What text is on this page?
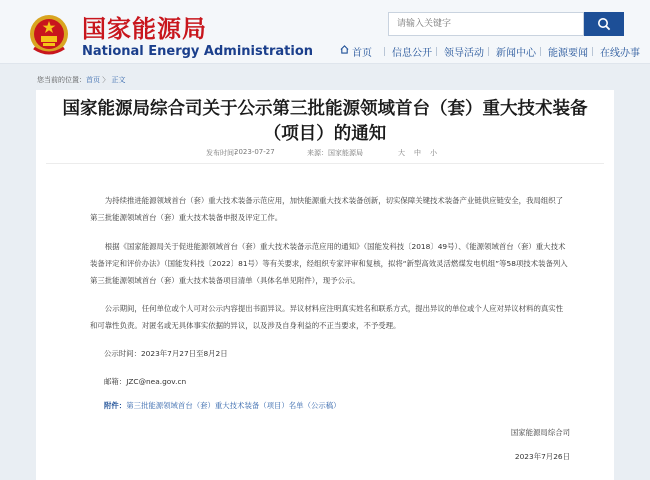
国家能源局
National Energy Administration
请输入关键字	首页 信息公开 领导活动 新闻中心 能源要闻 在线办事
您当前的位置：首页 〉 正文
国家能源局综合司关于公示第三批能源领域首台（套）重大技术装备（项目）的通知
发布时间：
2023-07-27	来源： 国家能源局	大 中 小

为持续推进能源领域首台（套）重大技术装备示范应用，加快能源重大技术装备创新，切实保障关键技术装备产业链供应链安全，我局组织了第三批能源领域首台（套）重大技术装备申报及评定工作。

根据《国家能源局关于促进能源领域首台（套）重大技术装备示范应用的通知》（国能发科技〔2018〕49号）、《能源领域首台（套）重大技术装备评定和评价办法》（国能发科技〔2022〕81号）等有关要求，经组织专家评审和复核，拟将“新型高效灵活燃煤发电机组”等58项技术装备列入第三批能源领域首台（套）重大技术装备项目清单（具体名单见附件），现予公示。

公示期间，任何单位或个人可对公示内容提出书面异议。异议材料应注明真实姓名和联系方式，提出异议的单位或个人应对异议材料的真实性和可靠性负责。对匿名或无具体事实依据的异议，以及涉及自身利益的不正当要求，不予受理。

公示时间：2023年7月27日至8月2日
邮箱：JZC@nea.gov.cn
附件：第三批能源领域首台（套）重大技术装备（项目）名单（公示稿）
国家能源局综合司
2023年7月26日
